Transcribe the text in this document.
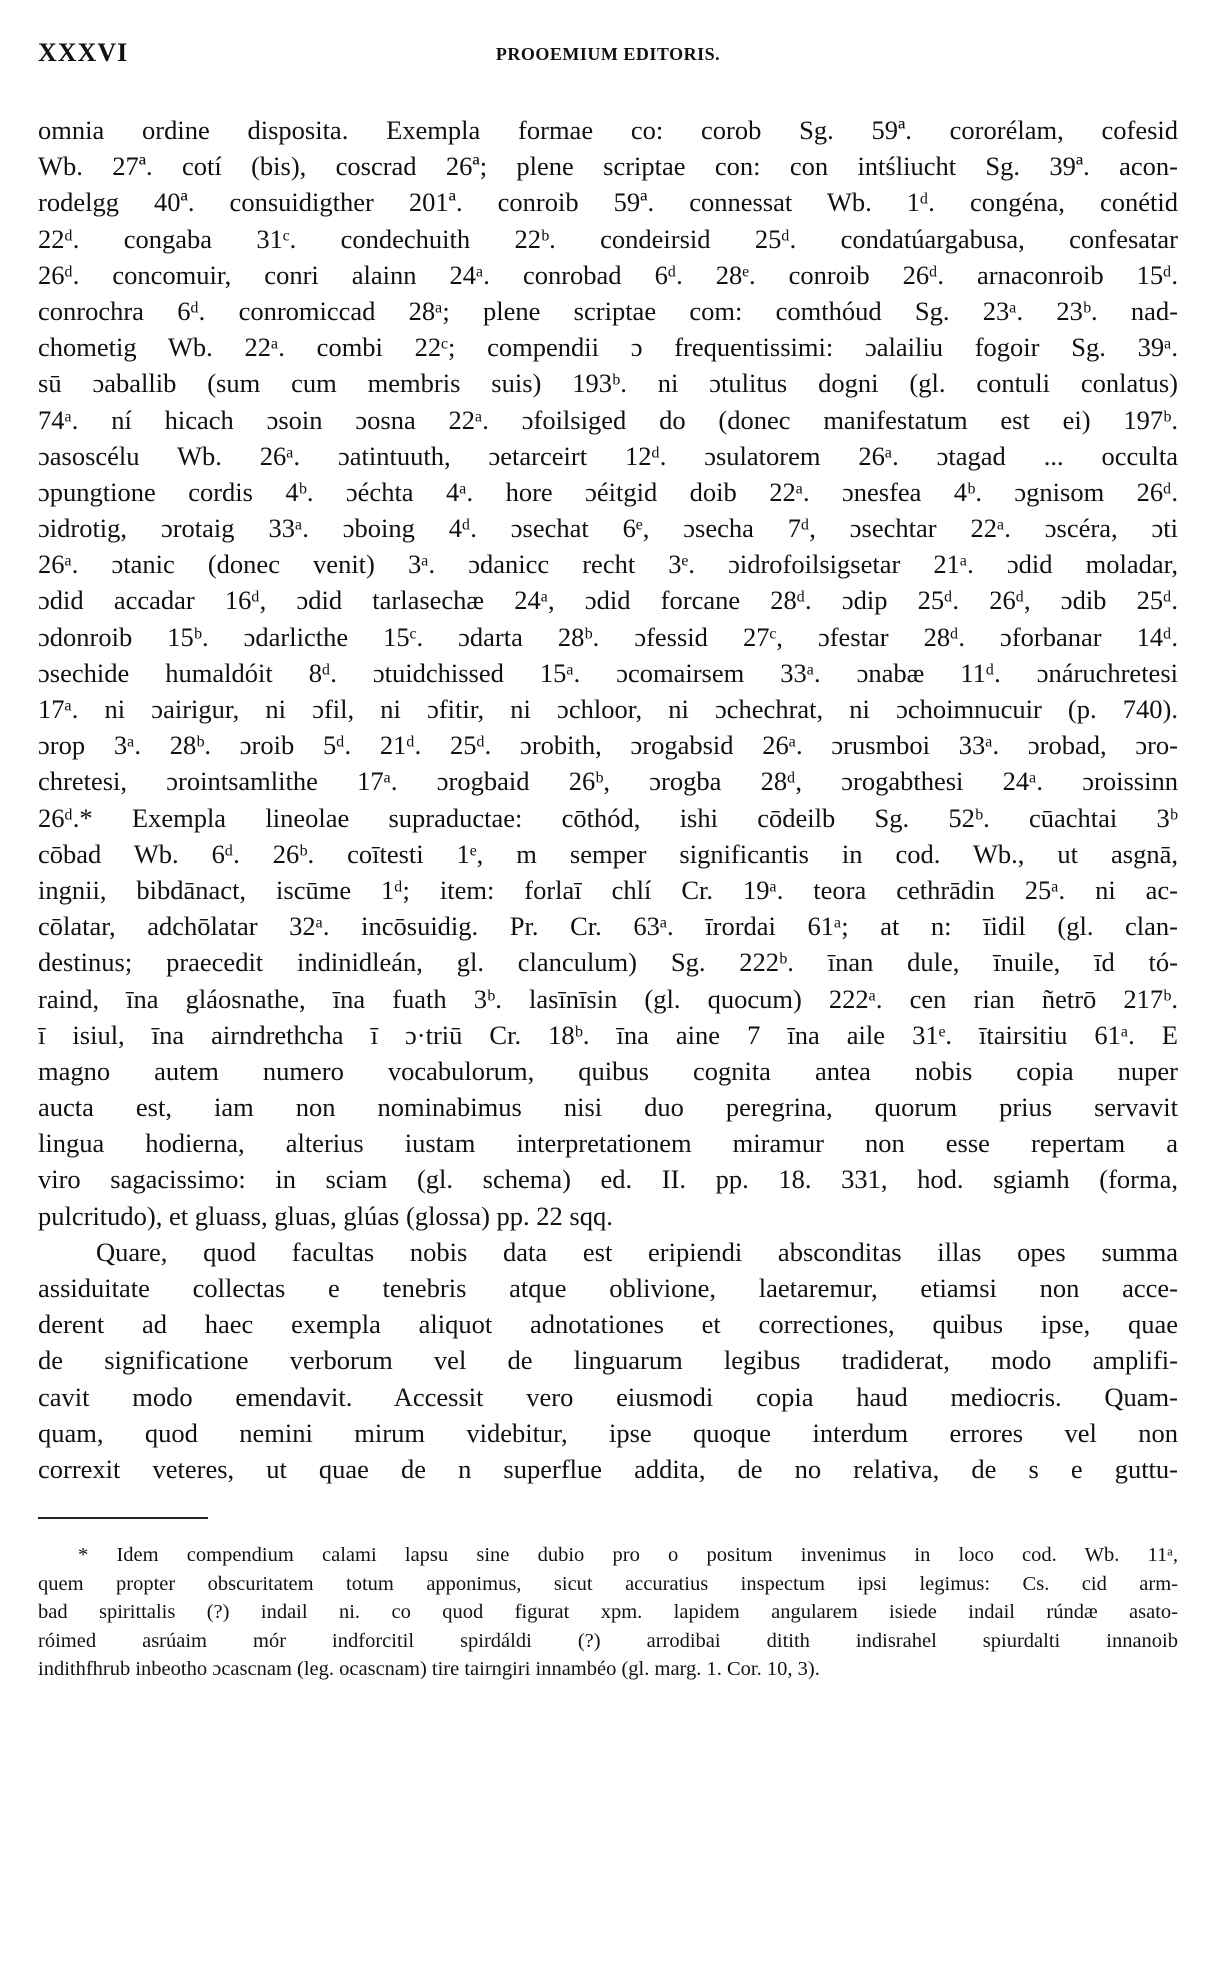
XXXVI	PROOEMIUM EDITORIS.
omnia ordine disposita. Exempla formae co: corob Sg. 59ª. cororélam, cofesid
Wb. 27ª. cotí (bis), coscrad 26ª; plene scriptae con: con intśliucht Sg. 39ª. acon-
rodelgg 40ª. consuidigther 201ª. conroib 59ª. connessat Wb. 1ᵈ. congéna, conétid
22ᵈ. congaba 31ᶜ. condechuith 22ᵇ. condeirsid 25ᵈ. condatúargabusa, confesatar
26ᵈ. concomuir, conri alainn 24ᵃ. conrobad 6ᵈ. 28ᵉ. conroib 26ᵈ. arnaconroib 15ᵈ.
conrochra 6ᵈ. conromiccad 28ᵃ; plene scriptae com: comthóud Sg. 23ᵃ. 23ᵇ. nad-
chometig Wb. 22ᵃ. combi 22ᶜ; compendii ɔ frequentissimi: ɔalailiu fogoir Sg. 39ᵃ.
sū ɔaballib (sum cum membris suis) 193ᵇ. ni ɔtulitus dogni (gl. contuli conlatus)
74ᵃ. ní hicach ɔsoin ɔosna 22ᵃ. ɔfoilsiged do (donec manifestatum est ei) 197ᵇ.
ɔasoscélu Wb. 26ᵃ. ɔatintuuth, ɔetarceirt 12ᵈ. ɔsulatorem 26ᵃ. ɔtagad ... occulta
ɔpungtione cordis 4ᵇ. ɔéchta 4ᵃ. hore ɔéitgid doib 22ᵃ. ɔnesfea 4ᵇ. ɔgnisom 26ᵈ.
ɔidrotig, ɔrotaig 33ᵃ. ɔboing 4ᵈ. ɔsechat 6ᵉ, ɔsecha 7ᵈ, ɔsechtar 22ᵃ. ɔscéra, ɔti
26ᵃ. ɔtanic (donec venit) 3ᵃ. ɔdanicc recht 3ᵉ. ɔidrofoilsigsetar 21ᵃ. ɔdid moladar,
ɔdid accadar 16ᵈ, ɔdid tarlasechæ 24ᵃ, ɔdid forcane 28ᵈ. ɔdip 25ᵈ. 26ᵈ, ɔdib 25ᵈ.
ɔdonroib 15ᵇ. ɔdarlicthe 15ᶜ. ɔdarta 28ᵇ. ɔfessid 27ᶜ, ɔfestar 28ᵈ. ɔforbanar 14ᵈ.
ɔsechide humaldóit 8ᵈ. ɔtuidchissed 15ᵃ. ɔcomairsem 33ᵃ. ɔnabæ 11ᵈ. ɔnáruchretesi
17ᵃ. ni ɔairigur, ni ɔfil, ni ɔfitir, ni ɔchloor, ni ɔchechrat, ni ɔchoimnucuir (p. 740).
ɔrop 3ᵃ. 28ᵇ. ɔroib 5ᵈ. 21ᵈ. 25ᵈ. ɔrobith, ɔrogabsid 26ᵃ. ɔrusmboi 33ᵃ. ɔrobad, ɔro-
chretesi, ɔrointsamlithe 17ᵃ. ɔrogbaid 26ᵇ, ɔrogba 28ᵈ, ɔrogabthesi 24ᵃ. ɔroissinn
26ᵈ.* Exempla lineolae supraductae: cōthód, ishi cōdeilb Sg. 52ᵇ. cūachtai 3ᵇ
cōbad Wb. 6ᵈ. 26ᵇ. coītesti 1ᵉ, m semper significantis in cod. Wb., ut asgnā,
ingnii, bibdānact, iscūme 1ᵈ; item: forlaī chlí Cr. 19ᵃ. teora cethrādin 25ᵃ. ni ac-
cōlatar, adchōlatar 32ᵃ. incōsuidig. Pr. Cr. 63ᵃ. īrordai 61ᵃ; at n: īidil (gl. clan-
destinus; praecedit indinidleán, gl. clanculum) Sg. 222ᵇ. īnan dule, īnuile, īd tó-
raind, īna gláosnathe, īna fuath 3ᵇ. lasīnīsin (gl. quocum) 222ᵃ. cen rian ñetrō 217ᵇ.
ī isiul, īna airndrethcha ī ɔ·triū Cr. 18ᵇ. īna aine 7 īna aile 31ᵉ. ītairsitiu 61ᵃ. E
magno autem numero vocabulorum, quibus cognita antea nobis copia nuper
aucta est, iam non nominabimus nisi duo peregrina, quorum prius servavit
lingua hodierna, alterius iustam interpretationem miramur non esse repertam a
viro sagacissimo: in sciam (gl. schema) ed. II. pp. 18. 331, hod. sgiamh (forma,
pulcritudo), et gluass, gluas, glúas (glossa) pp. 22 sqq.
Quare, quod facultas nobis data est eripiendi absconditas illas opes summa
assiduitate collectas e tenebris atque oblivione, laetaremur, etiamsi non acce-
derent ad haec exempla aliquot adnotationes et correctiones, quibus ipse, quae
de significatione verborum vel de linguarum legibus tradiderat, modo amplifi-
cavit modo emendavit. Accessit vero eiusmodi copia haud mediocris. Quam-
quam, quod nemini mirum videbitur, ipse quoque interdum errores vel non
correxit veteres, ut quae de n superflue addita, de no relativa, de s e guttu-
* Idem compendium calami lapsu sine dubio pro o positum invenimus in loco cod. Wb. 11ᵃ,
quem propter obscuritatem totum apponimus, sicut accuratius inspectum ipsi legimus: Cs. cid arm-
bad spirittalis (?) indail ni. co quod figurat xpm. lapidem angularem isiede indail rúndæ asato-
róimed asrúaim mór indforcitil spirdáldi (?) arrodibai ditith indisrahel spiurdalti innanoib
indithfhrub inbeotho ɔcascnam (leg. ocascnam) tire tairngiri innambéo (gl. marg. 1. Cor. 10, 3).
